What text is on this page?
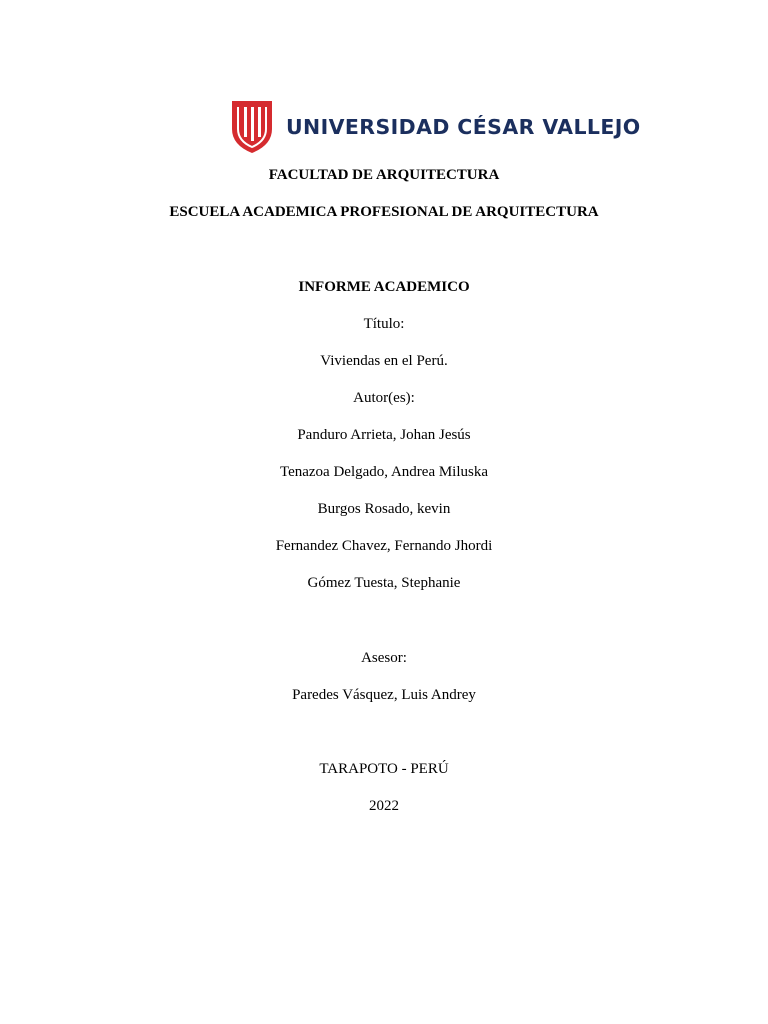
UNIVERSIDAD CÉSAR VALLEJO
FACULTAD DE ARQUITECTURA
ESCUELA ACADEMICA PROFESIONAL DE ARQUITECTURA
INFORME ACADEMICO
Título:
Viviendas en el Perú.
Autor(es):
Panduro Arrieta, Johan Jesús
Tenazoa Delgado, Andrea Miluska
Burgos Rosado, kevin
Fernandez Chavez, Fernando Jhordi
Gómez Tuesta, Stephanie
Asesor:
Paredes Vásquez, Luis Andrey
TARAPOTO - PERÚ
2022
